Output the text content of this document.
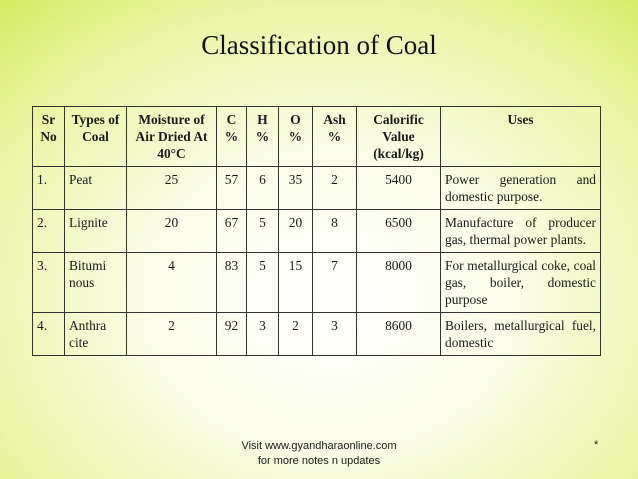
Classification of Coal
Sr No	Types of Coal	Moisture of Air Dried At 40°C	C %	H %	O %	Ash %	Calorific Value (kcal/kg)	Uses
1.	Peat	25	57	6	35	2	5400	Power generation and domestic purpose.
2.	Lignite	20	67	5	20	8	6500	Manufacture of producer gas, thermal power plants.
3.	Bitumi nous	4	83	5	15	7	8000	For metallurgical coke, coal gas, boiler, domestic purpose
4.	Anthra cite	2	92	3	2	3	8600	Boilers, metallurgical fuel, domestic
Visit www.gyandharaonline.com
for more notes n updates
*
